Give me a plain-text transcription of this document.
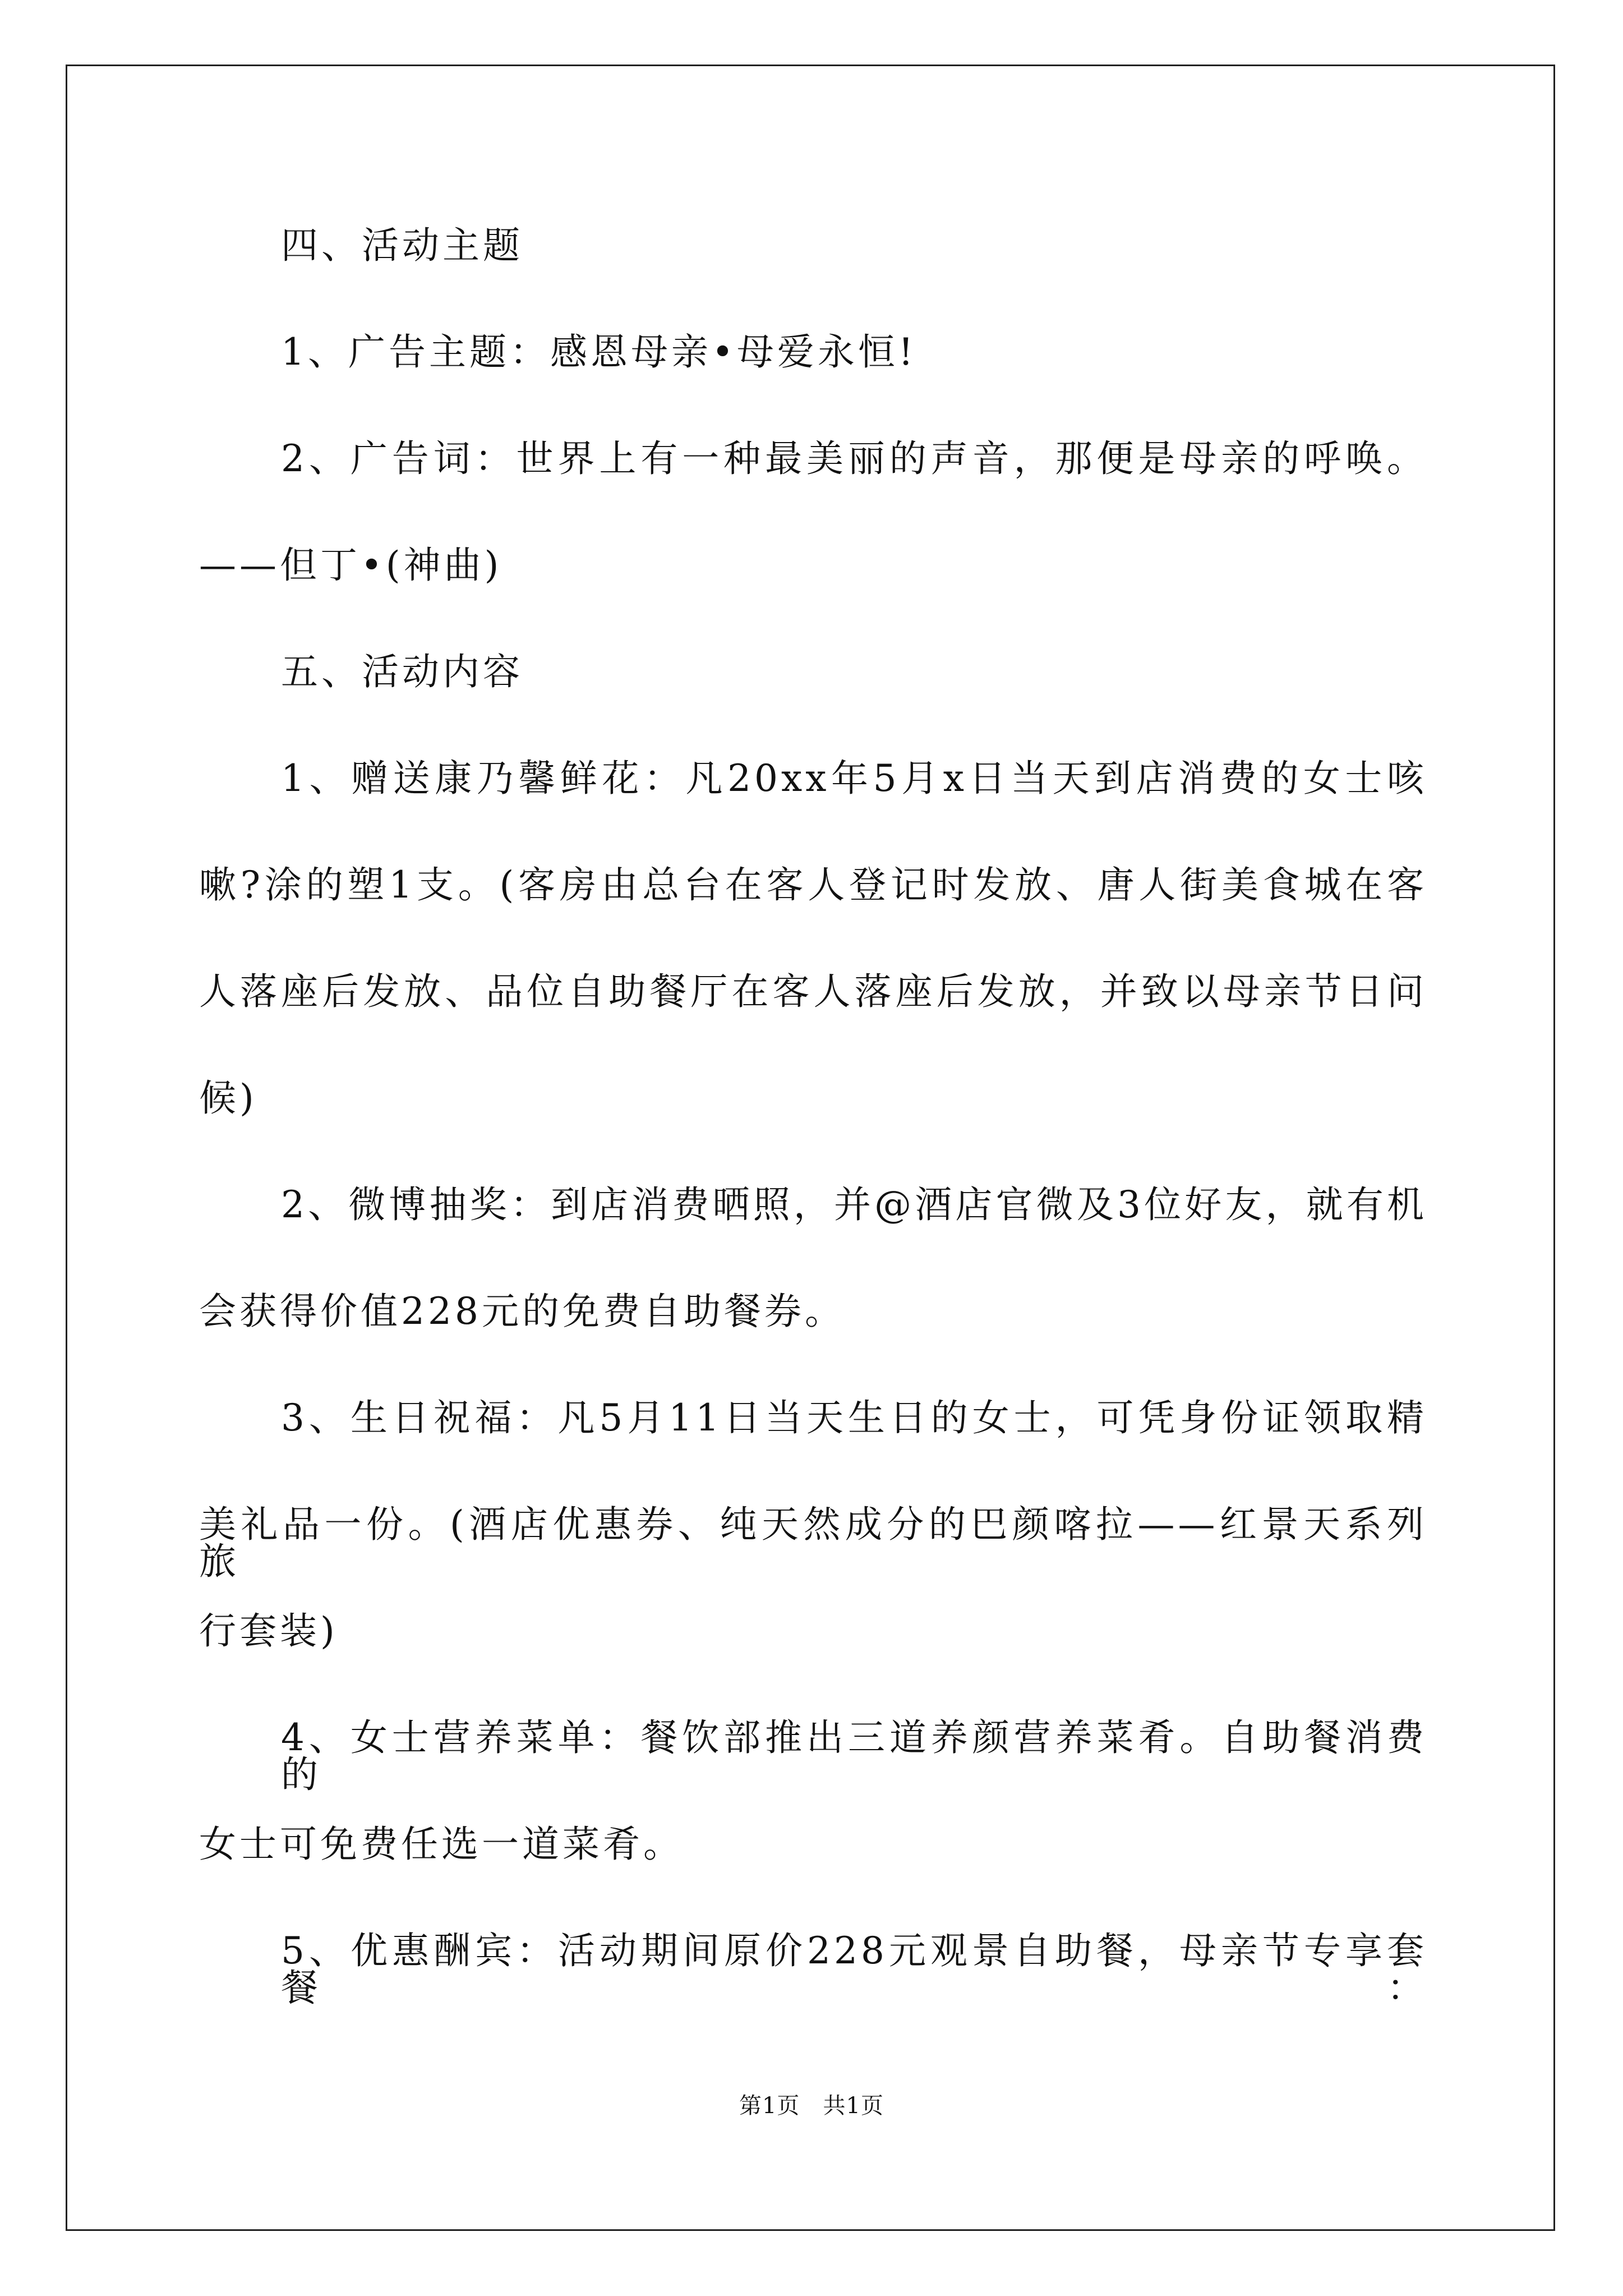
四、活动主题
1、广告主题：感恩母亲•母爱永恒!
2、广告词：世界上有一种最美丽的声音，那便是母亲的呼唤。
——但丁•(神曲)
五、活动内容
1、赠送康乃馨鲜花：凡20xx年5月x日当天到店消费的女士咳
嗽?涂的塑1支。(客房由总台在客人登记时发放、唐人街美食城在客
人落座后发放、品位自助餐厅在客人落座后发放，并致以母亲节日问
候)
2、微博抽奖：到店消费晒照，并@酒店官微及3位好友，就有机
会获得价值228元的免费自助餐券。
3、生日祝福：凡5月11日当天生日的女士，可凭身份证领取精
美礼品一份。(酒店优惠券、纯天然成分的巴颜喀拉——红景天系列旅
行套装)
4、女士营养菜单：餐饮部推出三道养颜营养菜肴。自助餐消费的
女士可免费任选一道菜肴。
5、优惠酬宾：活动期间原价228元观景自助餐，母亲节专享套餐：
第1页   共1页
